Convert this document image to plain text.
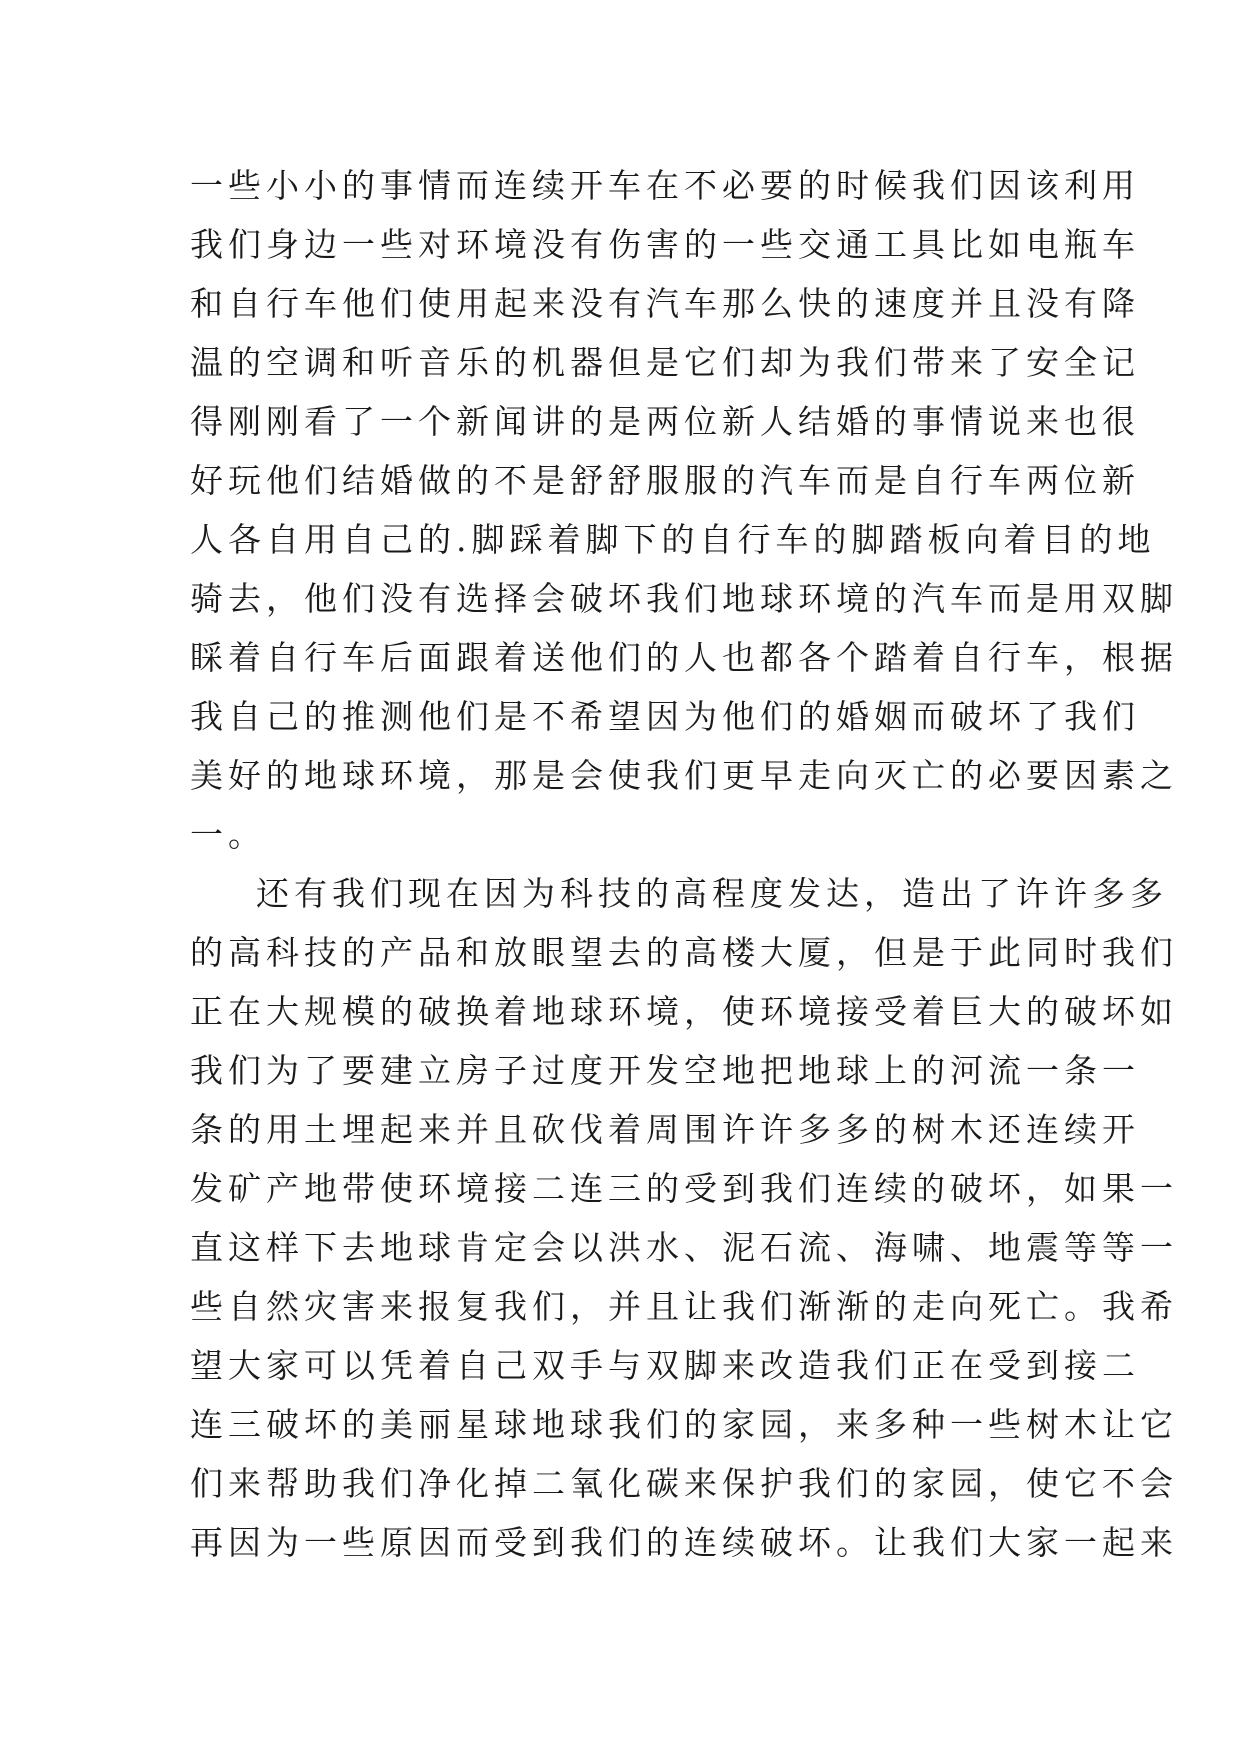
一些小小的事情而连续开车在不必要的时候我们因该利用
我们身边一些对环境没有伤害的一些交通工具比如电瓶车
和自行车他们使用起来没有汽车那么快的速度并且没有降
温的空调和听音乐的机器但是它们却为我们带来了安全记
得刚刚看了一个新闻讲的是两位新人结婚的事情说来也很
好玩他们结婚做的不是舒舒服服的汽车而是自行车两位新
人各自用自己的.脚踩着脚下的自行车的脚踏板向着目的地
骑去，他们没有选择会破坏我们地球环境的汽车而是用双脚
睬着自行车后面跟着送他们的人也都各个踏着自行车，根据
我自己的推测他们是不希望因为他们的婚姻而破坏了我们
美好的地球环境，那是会使我们更早走向灭亡的必要因素之
一。
还有我们现在因为科技的高程度发达，造出了许许多多
的高科技的产品和放眼望去的高楼大厦，但是于此同时我们
正在大规模的破换着地球环境，使环境接受着巨大的破坏如
我们为了要建立房子过度开发空地把地球上的河流一条一
条的用土埋起来并且砍伐着周围许许多多的树木还连续开
发矿产地带使环境接二连三的受到我们连续的破坏，如果一
直这样下去地球肯定会以洪水、泥石流、海啸、地震等等一
些自然灾害来报复我们，并且让我们渐渐的走向死亡。我希
望大家可以凭着自己双手与双脚来改造我们正在受到接二
连三破坏的美丽星球地球我们的家园，来多种一些树木让它
们来帮助我们净化掉二氧化碳来保护我们的家园，使它不会
再因为一些原因而受到我们的连续破坏。让我们大家一起来
